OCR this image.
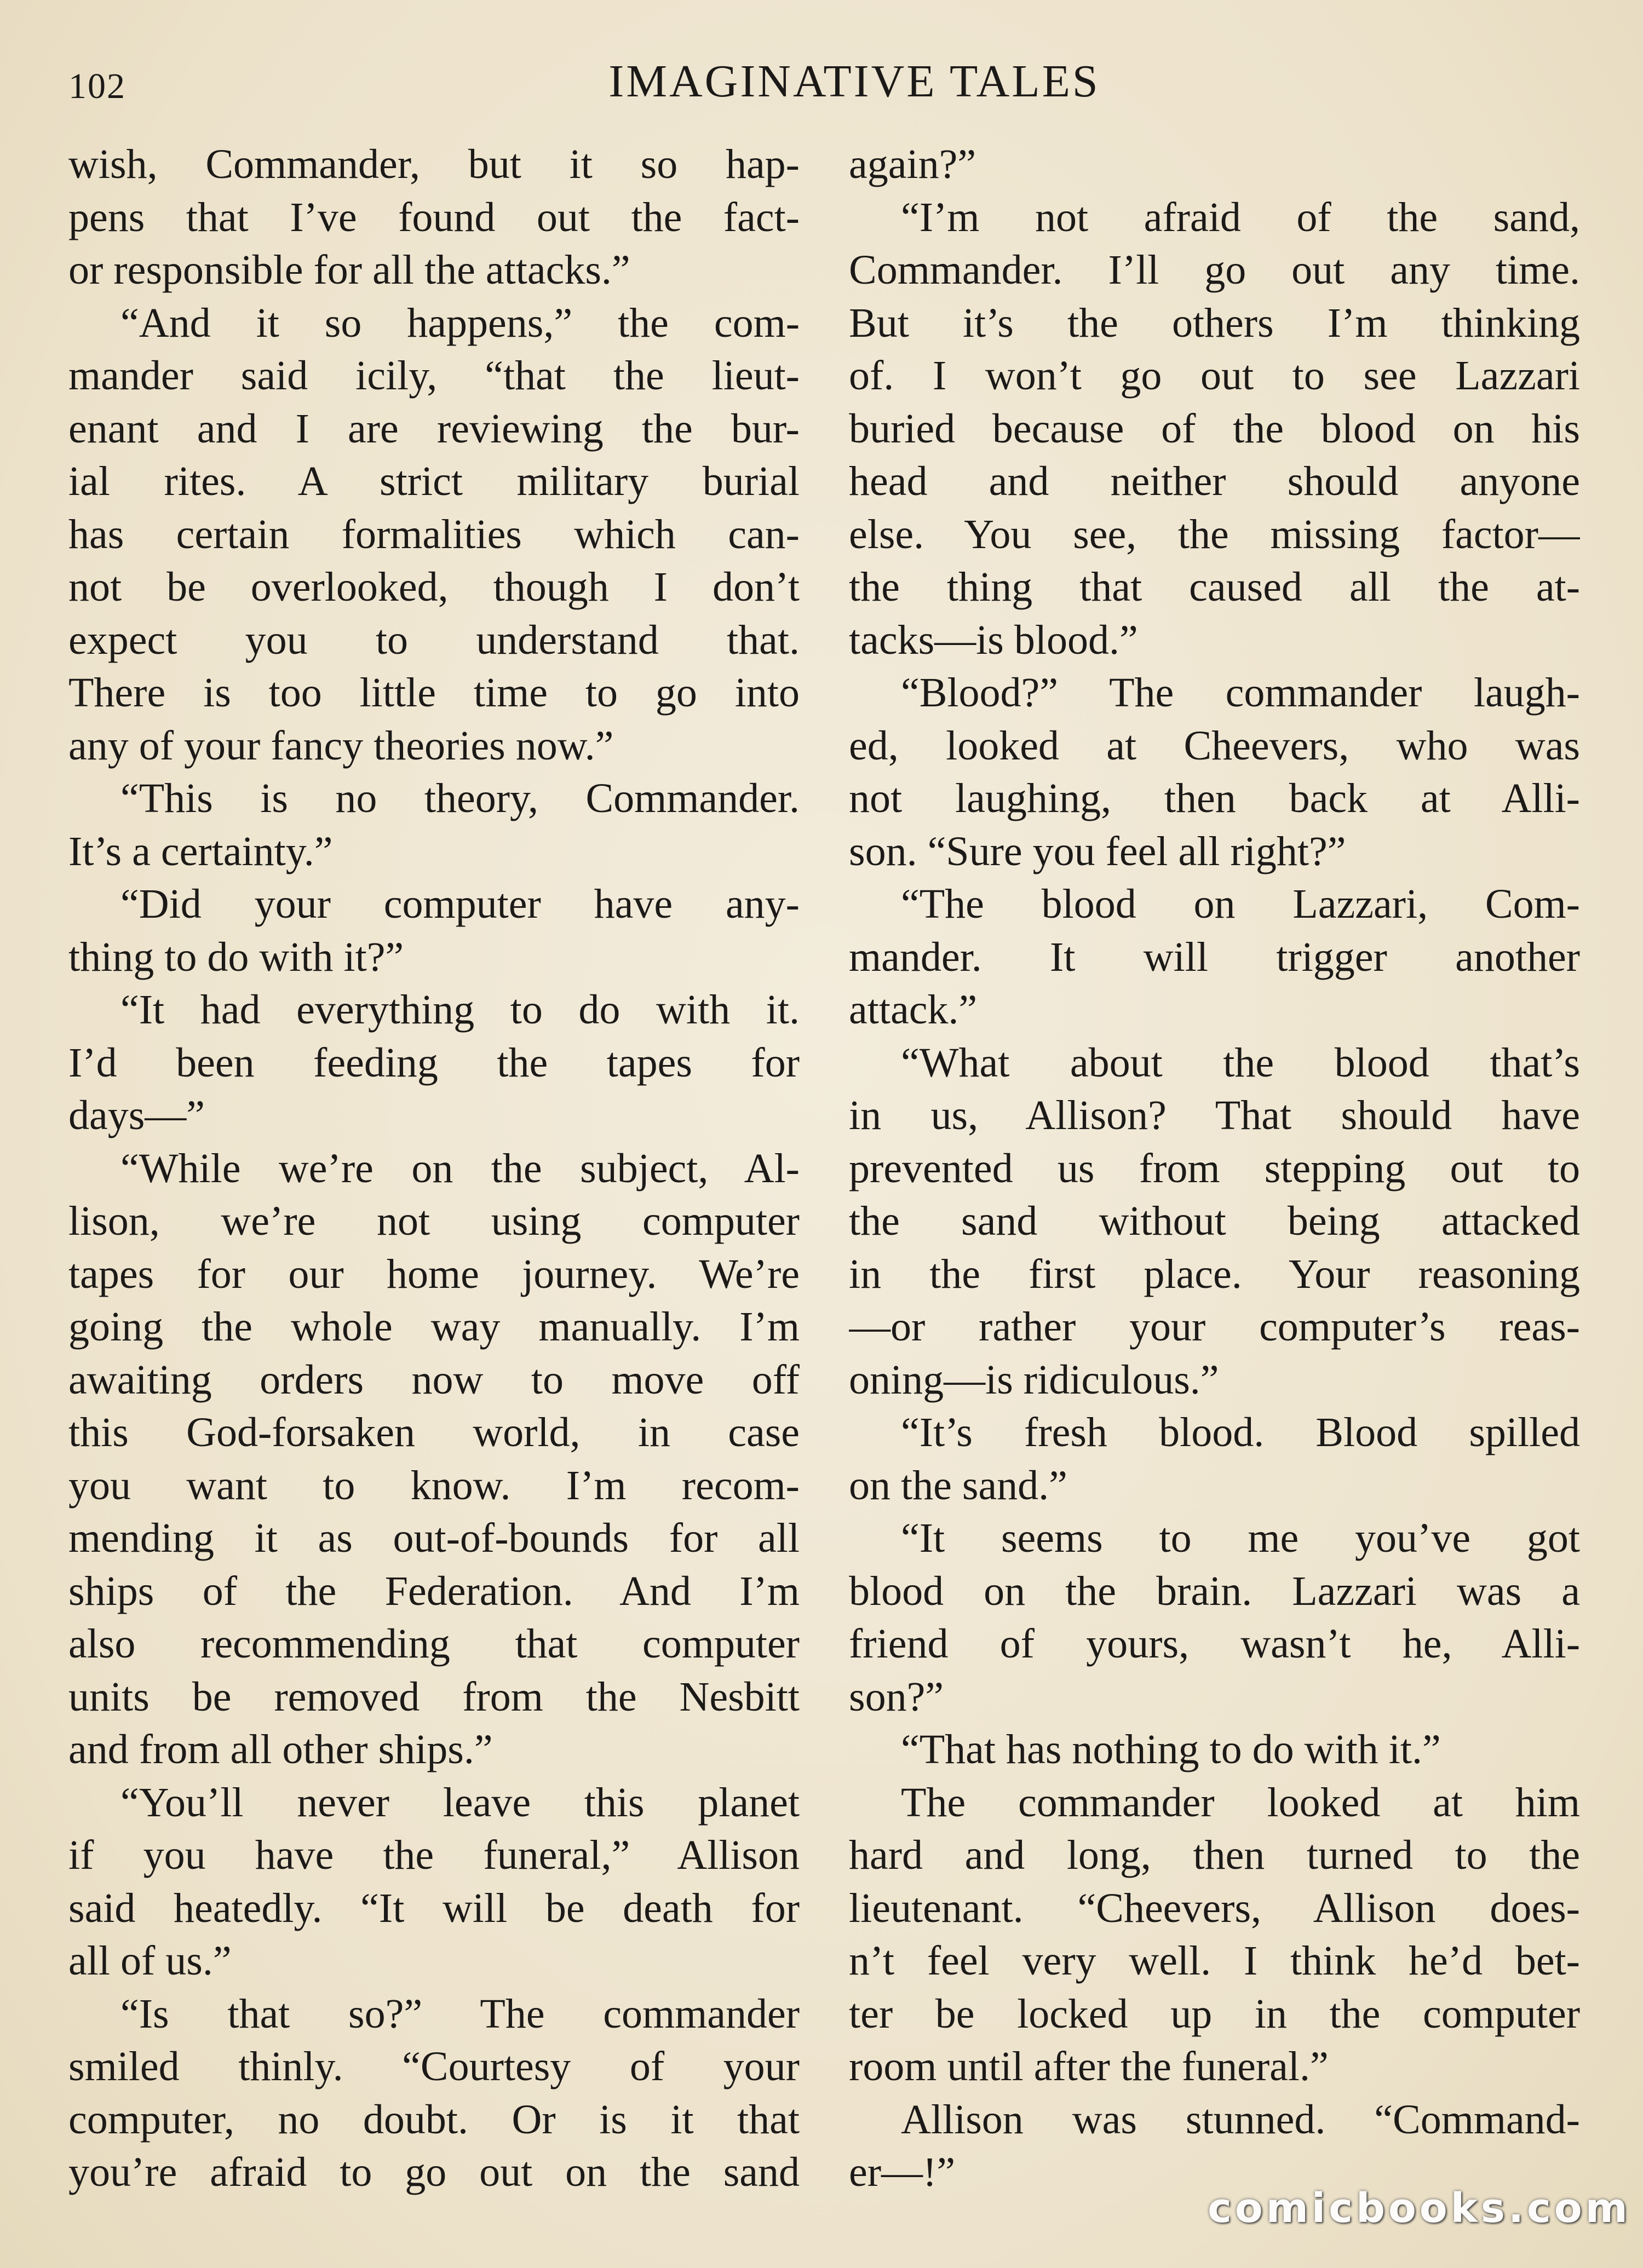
102	IMAGINATIVE TALES
wish, Commander, but it so hap-
pens that I’ve found out the fact-
or responsible for all the attacks.”
“And it so happens,” the com-
mander said icily, “that the lieut-
enant and I are reviewing the bur-
ial rites. A strict military burial
has certain formalities which can-
not be overlooked, though I don’t
expect you to understand that.
There is too little time to go into
any of your fancy theories now.”
“This is no theory, Commander.
It’s a certainty.”
“Did your computer have any-
thing to do with it?”
“It had everything to do with it.
I’d been feeding the tapes for
days—”
“While we’re on the subject, Al-
lison, we’re not using computer
tapes for our home journey. We’re
going the whole way manually. I’m
awaiting orders now to move off
this God-forsaken world, in case
you want to know. I’m recom-
mending it as out-of-bounds for all
ships of the Federation. And I’m
also recommending that computer
units be removed from the Nesbitt
and from all other ships.”
“You’ll never leave this planet
if you have the funeral,” Allison
said heatedly. “It will be death for
all of us.”
“Is that so?” The commander
smiled thinly. “Courtesy of your
computer, no doubt. Or is it that
you’re afraid to go out on the sand
again?”
“I’m not afraid of the sand,
Commander. I’ll go out any time.
But it’s the others I’m thinking
of. I won’t go out to see Lazzari
buried because of the blood on his
head and neither should anyone
else. You see, the missing factor—
the thing that caused all the at-
tacks—is blood.”
“Blood?” The commander laugh-
ed, looked at Cheevers, who was
not laughing, then back at Alli-
son. “Sure you feel all right?”
“The blood on Lazzari, Com-
mander. It will trigger another
attack.”
“What about the blood that’s
in us, Allison? That should have
prevented us from stepping out to
the sand without being attacked
in the first place. Your reasoning
—or rather your computer’s reas-
oning—is ridiculous.”
“It’s fresh blood. Blood spilled
on the sand.”
“It seems to me you’ve got
blood on the brain. Lazzari was a
friend of yours, wasn’t he, Alli-
son?”
“That has nothing to do with it.”
The commander looked at him
hard and long, then turned to the
lieutenant. “Cheevers, Allison does-
n’t feel very well. I think he’d bet-
ter be locked up in the computer
room until after the funeral.”
Allison was stunned. “Command-
er—!”
comicbooks.com
